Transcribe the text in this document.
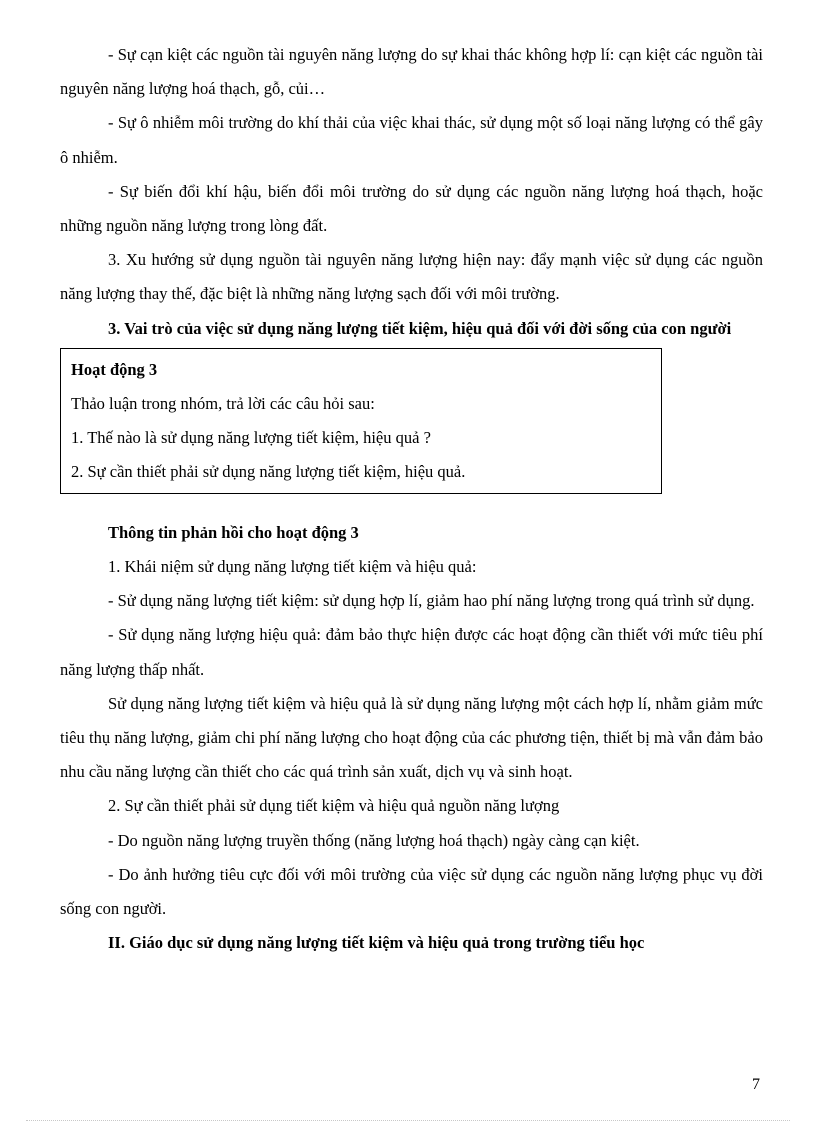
- Sự cạn kiệt các nguồn tài nguyên năng lượng do sự khai thác không hợp lí: cạn kiệt các nguồn tài nguyên năng lượng hoá thạch, gỗ, củi…

- Sự ô nhiễm môi trường do khí thải của việc khai thác, sử dụng một số loại năng lượng có thể gây ô nhiễm.

- Sự biến đổi khí hậu, biến đổi môi trường do sử dụng các nguồn năng lượng hoá thạch, hoặc những nguồn năng lượng trong lòng đất.

3. Xu hướng sử dụng nguồn tài nguyên năng lượng hiện nay: đẩy mạnh việc sử dụng các nguồn năng lượng thay thế, đặc biệt là những năng lượng sạch đối với môi trường.

3. Vai trò của việc sử dụng năng lượng tiết kiệm, hiệu quả đối với đời sống của con người

Hoạt động 3

Thảo luận trong nhóm, trả lời các câu hỏi sau:

1. Thế nào là sử dụng năng lượng tiết kiệm, hiệu quả ?

2. Sự cần thiết phải sử dụng năng lượng tiết kiệm, hiệu quả.

Thông tin phản hồi cho hoạt động 3

1. Khái niệm sử dụng năng lượng tiết kiệm và hiệu quả:

- Sử dụng năng lượng tiết kiệm: sử dụng hợp lí, giảm hao phí năng lượng trong quá trình sử dụng.

- Sử dụng năng lượng hiệu quả: đảm bảo thực hiện được các hoạt động cần thiết với mức tiêu phí năng lượng thấp nhất.

Sử dụng năng lượng tiết kiệm và hiệu quả là sử dụng năng lượng một cách hợp lí, nhằm giảm mức tiêu thụ năng lượng, giảm chi phí năng lượng cho hoạt động của các phương tiện, thiết bị mà vẫn đảm bảo nhu cầu năng lượng cần thiết cho các quá trình sản xuất, dịch vụ và sinh hoạt.

2. Sự cần thiết phải sử dụng tiết kiệm và hiệu quả nguồn năng lượng

- Do nguồn năng lượng truyền thống (năng lượng hoá thạch) ngày càng cạn kiệt.

- Do ảnh hưởng tiêu cực đối với môi trường của việc sử dụng các nguồn năng lượng phục vụ đời sống con người.

II. Giáo dục sử dụng năng lượng tiết kiệm và hiệu quả trong trường tiểu học

7
